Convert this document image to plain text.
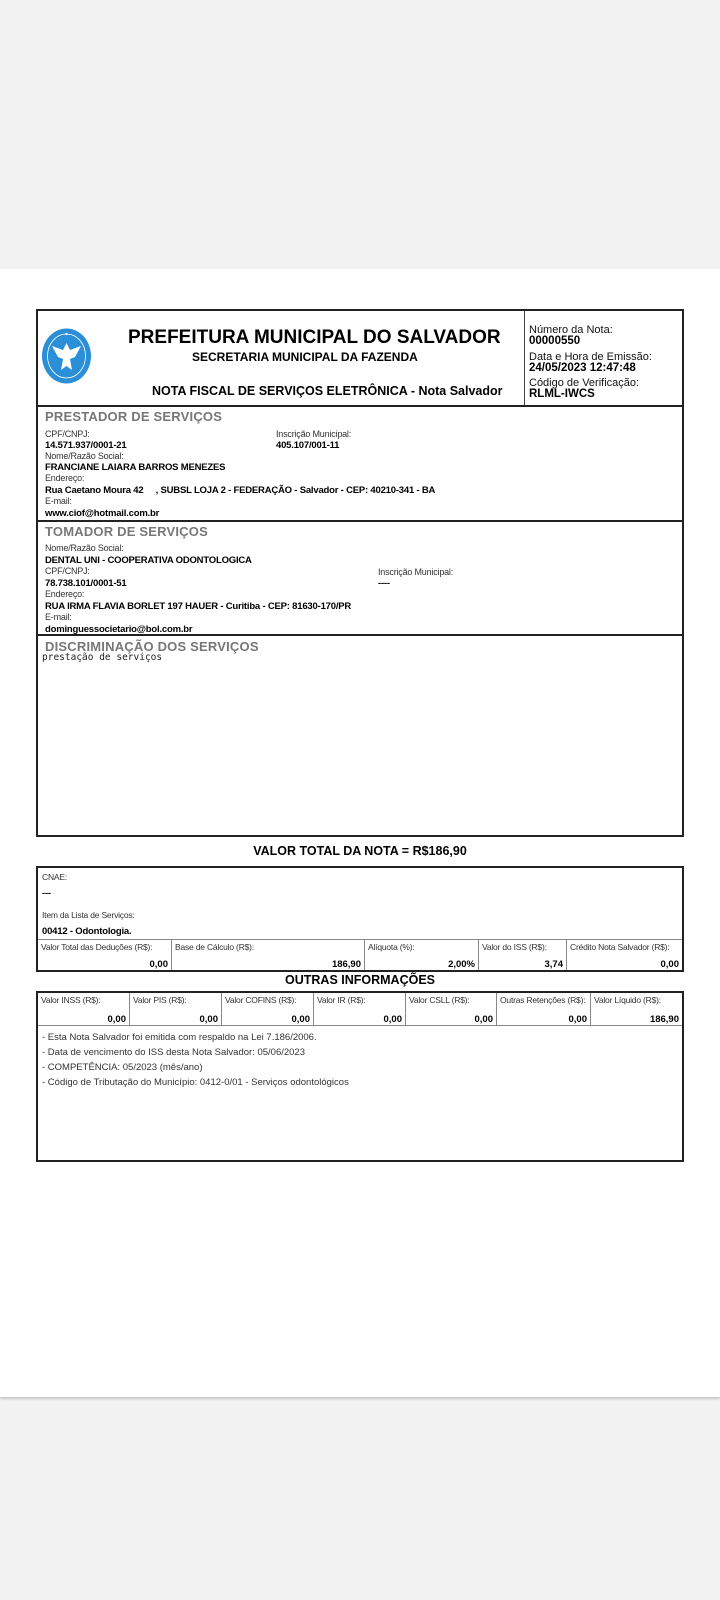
PREFEITURA MUNICIPAL DO SALVADOR
SECRETARIA MUNICIPAL DA FAZENDA
NOTA FISCAL DE SERVIÇOS ELETRÔNICA - Nota Salvador
Número da Nota:
00000550
Data e Hora de Emissão:
24/05/2023 12:47:48
Código de Verificação:
RLML-IWCS
PRESTADOR DE SERVIÇOS
CPF/CNPJ:
14.571.937/0001-21
Inscrição Municipal:
405.107/001-11
Nome/Razão Social:
FRANCIANE LAIARA BARROS MENEZES
Endereço:
Rua Caetano Moura 42     , SUBSL LOJA 2 - FEDERAÇÃO - Salvador - CEP: 40210-341 - BA
E-mail:
www.ciof@hotmail.com.br
TOMADOR DE SERVIÇOS
Nome/Razão Social:
DENTAL UNI - COOPERATIVA ODONTOLOGICA
CPF/CNPJ:
78.738.101/0001-51
Inscrição Municipal:
----
Endereço:
RUA IRMA FLAVIA BORLET 197 HAUER - Curitiba - CEP: 81630-170/PR
E-mail:
dominguessocietario@bol.com.br
DISCRIMINAÇÃO DOS SERVIÇOS
prestação de serviços
VALOR TOTAL DA NOTA = R$186,90
CNAE:
---
Item da Lista de Serviços:
00412 - Odontologia.
Valor Total das Deduções (R$):
0,00
Base de Cálculo (R$):
186,90
Alíquota (%):
2,00%
Valor do ISS (R$):
3,74
Crédito Nota Salvador (R$):
0,00
OUTRAS INFORMAÇÕES
Valor INSS (R$):
0,00
Valor PIS (R$):
0,00
Valor COFINS (R$):
0,00
Valor IR (R$):
0,00
Valor CSLL (R$):
0,00
Outras Retenções (R$):
0,00
Valor Líquido (R$):
186,90
- Esta Nota Salvador foi emitida com respaldo na Lei 7.186/2006.
- Data de vencimento do ISS desta Nota Salvador: 05/06/2023
- COMPETÊNCIA: 05/2023 (mês/ano)
- Código de Tributação do Município: 0412-0/01 - Serviços odontológicos
